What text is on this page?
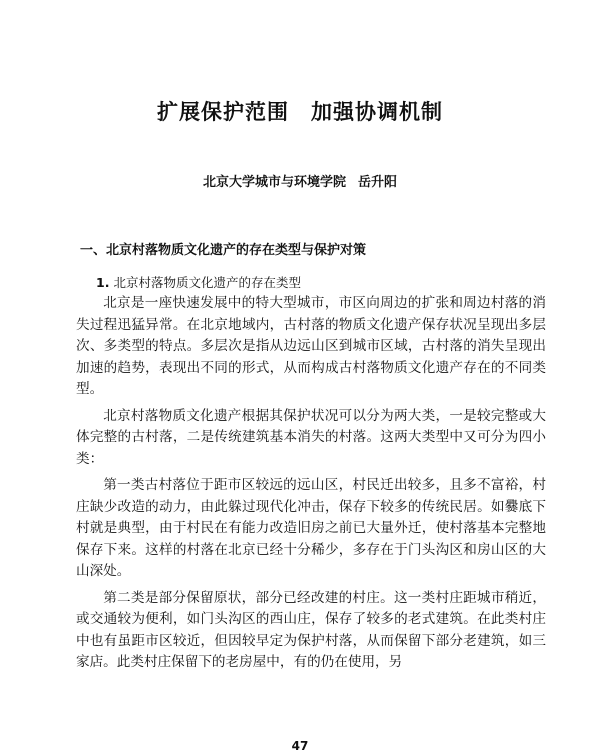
扩展保护范围 加强协调机制
北京大学城市与环境学院 岳升阳
一、北京村落物质文化遗产的存在类型与保护对策
1. 北京村落物质文化遗产的存在类型

北京是一座快速发展中的特大型城市，市区向周边的扩张和周边村落的消失过程迅猛异常。在北京地域内，古村落的物质文化遗产保存状况呈现出多层次、多类型的特点。多层次是指从边远山区到城市区域，古村落的消失呈现出加速的趋势，表现出不同的形式，从而构成古村落物质文化遗产存在的不同类型。

北京村落物质文化遗产根据其保护状况可以分为两大类，一是较完整或大体完整的古村落，二是传统建筑基本消失的村落。这两大类型中又可分为四小类：

第一类古村落位于距市区较远的远山区，村民迁出较多，且多不富裕，村庄缺少改造的动力，由此躲过现代化冲击，保存下较多的传统民居。如爨底下村就是典型，由于村民在有能力改造旧房之前已大量外迁，使村落基本完整地保存下来。这样的村落在北京已经十分稀少，多存在于门头沟区和房山区的大山深处。

第二类是部分保留原状，部分已经改建的村庄。这一类村庄距城市稍近，或交通较为便利，如门头沟区的西山庄，保存了较多的老式建筑。在此类村庄中也有虽距市区较近，但因较早定为保护村落，从而保留下部分老建筑，如三家店。此类村庄保留下的老房屋中，有的仍在使用，另

47
